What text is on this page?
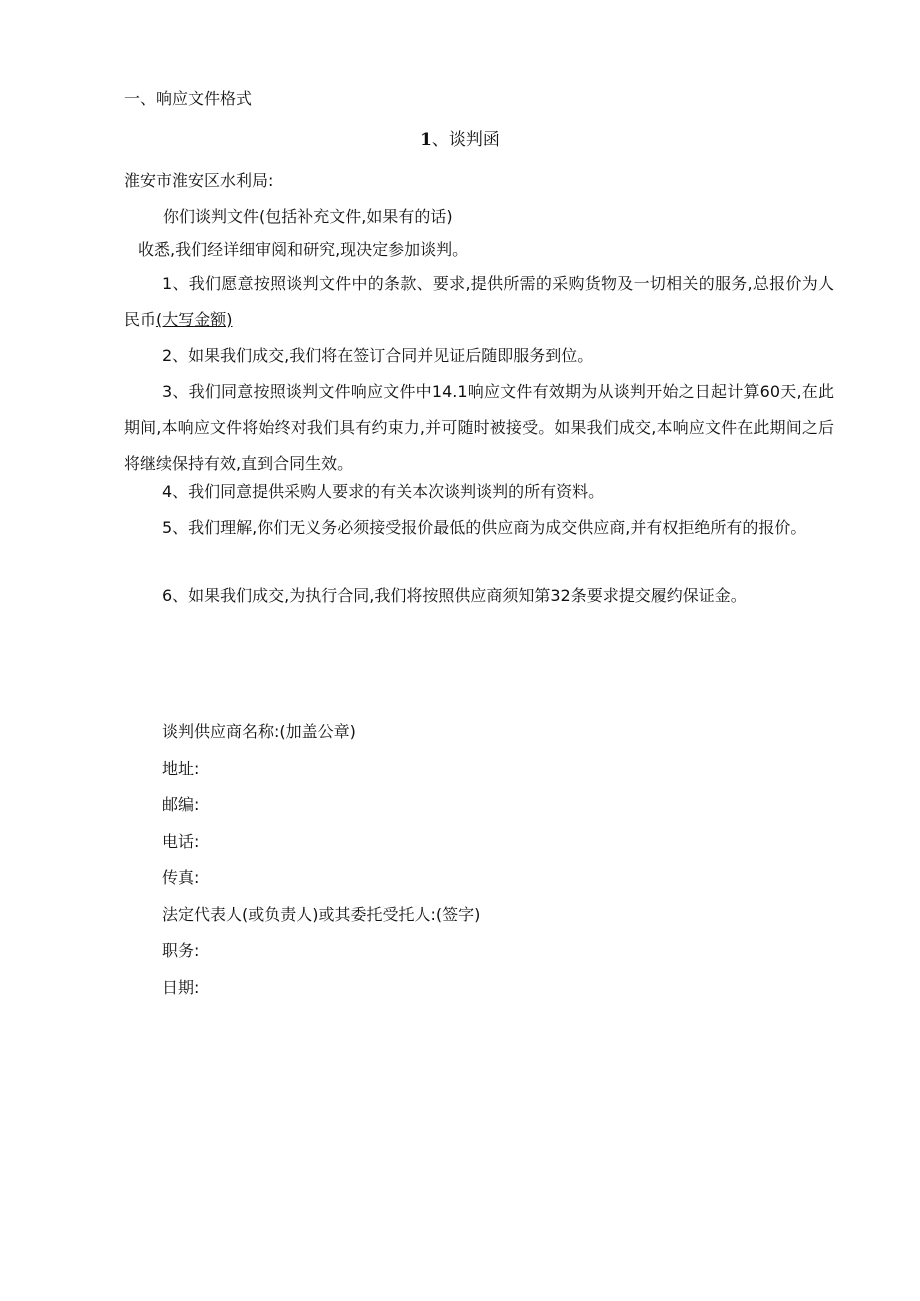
一、响应文件格式
1、谈判函
淮安市淮安区水利局:
你们谈判文件(包括补充文件,如果有的话)
收悉,我们经详细审阅和研究,现决定参加谈判。
1、我们愿意按照谈判文件中的条款、要求,提供所需的采购货物及一切相关的服务,总报价为人民币(大写金额)
2、如果我们成交,我们将在签订合同并见证后随即服务到位。
3、我们同意按照谈判文件响应文件中14.1响应文件有效期为从谈判开始之日起计算60天,在此期间,本响应文件将始终对我们具有约束力,并可随时被接受。如果我们成交,本响应文件在此期间之后将继续保持有效,直到合同生效。
4、我们同意提供采购人要求的有关本次谈判谈判的所有资料。
5、我们理解,你们无义务必须接受报价最低的供应商为成交供应商,并有权拒绝所有的报价。
6、如果我们成交,为执行合同,我们将按照供应商须知第32条要求提交履约保证金。
谈判供应商名称:(加盖公章)
地址:
邮编:
电话:
传真:
法定代表人(或负责人)或其委托受托人:(签字)
职务:
日期:
